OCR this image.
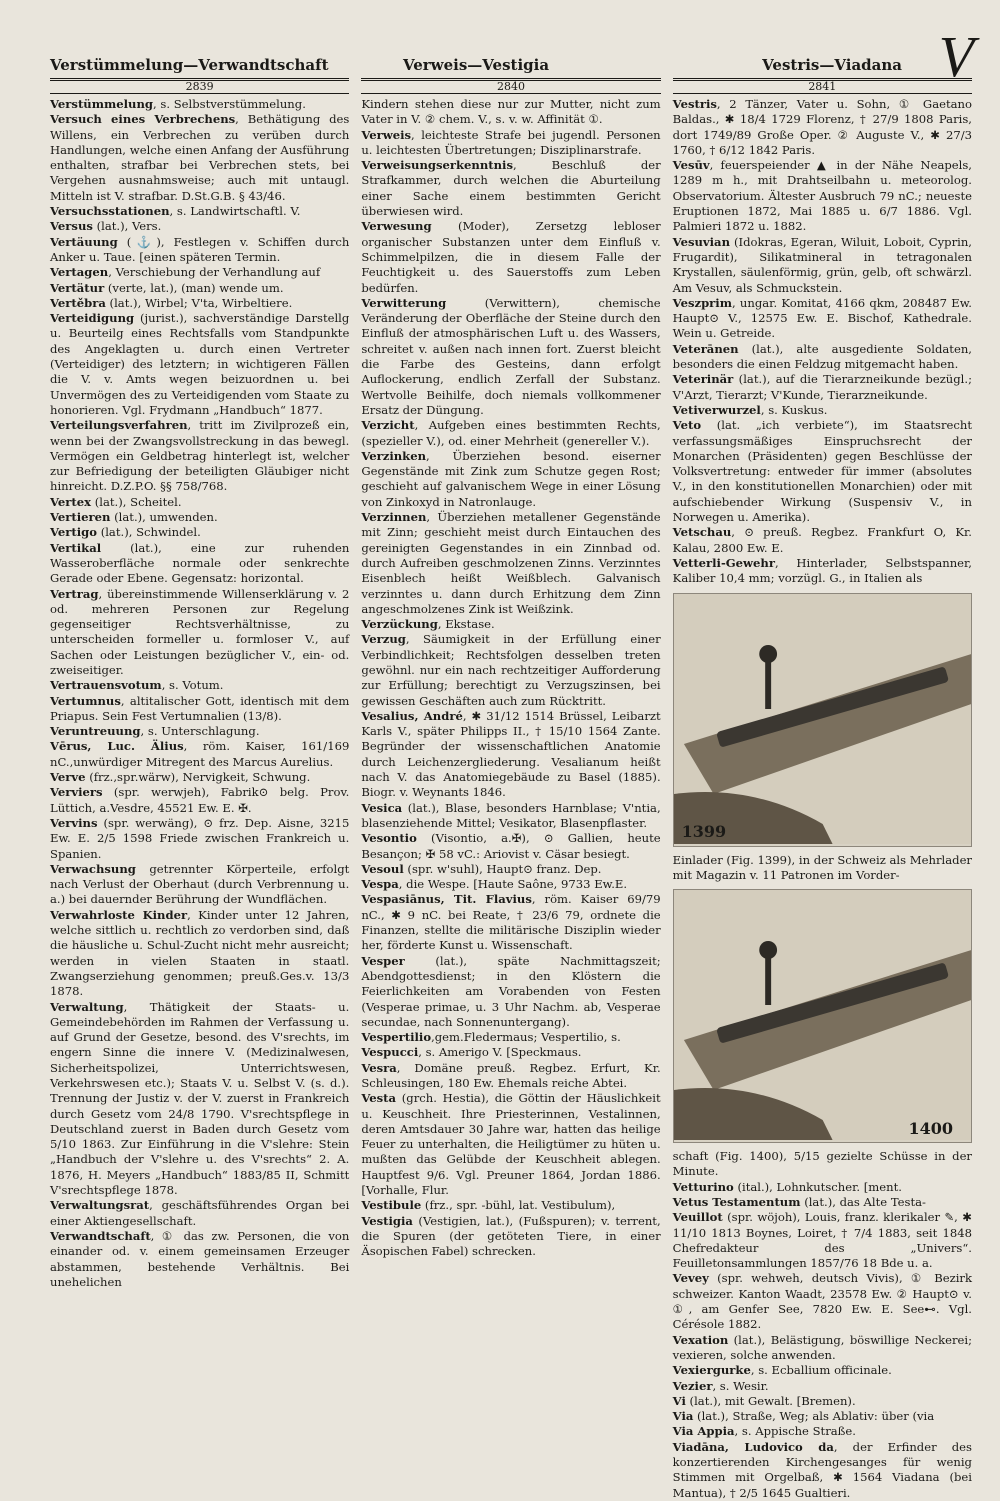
V
Verstümmelung—Verwandtschaft	Verweis—Vestigia	Vestris—Viadana
2839

Verstümmelung, s. Selbstverstümmelung.

Versuch eines Verbrechens, Bethätigung des Willens, ein Verbrechen zu verüben durch Handlungen, welche einen Anfang der Ausführung enthalten, strafbar bei Verbrechen stets, bei Vergehen ausnahmsweise; auch mit untaugl. Mitteln ist V. strafbar. D.St.G.B. § 43/46.

Versuchsstationen, s. Landwirtschaftl. V.

Versus (lat.), Vers.

Vertäuung (⚓), Festlegen v. Schiffen durch Anker u. Taue. [einen späteren Termin.

Vertagen, Verschiebung der Verhandlung auf

Vertätur (verte, lat.), (man) wende um.

Vertěbra (lat.), Wirbel; V'ta, Wirbeltiere.

Verteidigung (jurist.), sachverständige Darstellg u. Beurteilg eines Rechtsfalls vom Standpunkte des Angeklagten u. durch einen Vertreter (Verteidiger) des letztern; in wichtigeren Fällen die V. v. Amts wegen beizuordnen u. bei Unvermögen des zu Verteidigenden vom Staate zu honorieren. Vgl. Frydmann „Handbuch“ 1877.

Verteilungsverfahren, tritt im Zivilprozeß ein, wenn bei der Zwangsvollstreckung in das bewegl. Vermögen ein Geldbetrag hinterlegt ist, welcher zur Befriedigung der beteiligten Gläubiger nicht hinreicht. D.Z.P.O. §§ 758/768.

Vertex (lat.), Scheitel.

Vertieren (lat.), umwenden.

Vertigo (lat.), Schwindel.

Vertikal (lat.), eine zur ruhenden Wasseroberfläche normale oder senkrechte Gerade oder Ebene. Gegensatz: horizontal.

Vertrag, übereinstimmende Willenserklärung v. 2 od. mehreren Personen zur Regelung gegenseitiger Rechtsverhältnisse, zu unterscheiden formeller u. formloser V., auf Sachen oder Leistungen bezüglicher V., ein- od. zweiseitiger.

Vertrauensvotum, s. Votum.

Vertumnus, altitalischer Gott, identisch mit dem Priapus. Sein Fest Vertumnalien (13/8).

Veruntreuung, s. Unterschlagung.

Vērus, Luc. Älius, röm. Kaiser, 161/169 nC.,unwürdiger Mitregent des Marcus Aurelius.

Verve (frz.,spr.wärw), Nervigkeit, Schwung.

Verviers (spr. werwjeh), Fabrik⊙ belg. Prov. Lüttich, a.Vesdre, 45521 Ew. E. ✠.

Vervins (spr. werwäng), ⊙ frz. Dep. Aisne, 3215 Ew. E. 2/5 1598 Friede zwischen Frankreich u. Spanien.

Verwachsung getrennter Körperteile, erfolgt nach Verlust der Oberhaut (durch Verbrennung u. a.) bei dauernder Berührung der Wundflächen.

Verwahrloste Kinder, Kinder unter 12 Jahren, welche sittlich u. rechtlich zo verdorben sind, daß die häusliche u. Schul-Zucht nicht mehr ausreicht; werden in vielen Staaten in staatl. Zwangserziehung genommen; preuß.Ges.v. 13/3 1878.

Verwaltung, Thätigkeit der Staats- u. Gemeindebehörden im Rahmen der Verfassung u. auf Grund der Gesetze, besond. des V'srechts, im engern Sinne die innere V. (Medizinalwesen, Sicherheitspolizei, Unterrichtswesen, Verkehrswesen etc.); Staats V. u. Selbst V. (s. d.). Trennung der Justiz v. der V. zuerst in Frankreich durch Gesetz vom 24/8 1790. V'srechtspflege in Deutschland zuerst in Baden durch Gesetz vom 5/10 1863. Zur Einführung in die V'slehre: Stein „Handbuch der V'slehre u. des V'srechts“ 2. A. 1876, H. Meyers „Handbuch“ 1883/85 II, Schmitt V'srechtspflege 1878.

Verwaltungsrat, geschäftsführendes Organ bei einer Aktiengesellschaft.

Verwandtschaft, ① das zw. Personen, die von einander od. v. einem gemeinsamen Erzeuger abstammen, bestehende Verhältnis. Bei unehelichen

2840

Kindern stehen diese nur zur Mutter, nicht zum Vater in V. ② chem. V., s. v. w. Affinität ①.

Verweis, leichteste Strafe bei jugendl. Personen u. leichtesten Übertretungen; Disziplinarstrafe.

Verweisungserkenntnis, Beschluß der Strafkammer, durch welchen die Aburteilung einer Sache einem bestimmten Gericht überwiesen wird.

Verwesung (Moder), Zersetzg lebloser organischer Substanzen unter dem Einfluß v. Schimmelpilzen, die in diesem Falle der Feuchtigkeit u. des Sauerstoffs zum Leben bedürfen.

Verwitterung (Verwittern), chemische Veränderung der Oberfläche der Steine durch den Einfluß der atmosphärischen Luft u. des Wassers, schreitet v. außen nach innen fort. Zuerst bleicht die Farbe des Gesteins, dann erfolgt Auflockerung, endlich Zerfall der Substanz. Wertvolle Beihilfe, doch niemals vollkommener Ersatz der Düngung.

Verzicht, Aufgeben eines bestimmten Rechts, (spezieller V.), od. einer Mehrheit (genereller V.).

Verzinken, Überziehen besond. eiserner Gegenstände mit Zink zum Schutze gegen Rost; geschieht auf galvanischem Wege in einer Lösung von Zinkoxyd in Natronlauge.

Verzinnen, Überziehen metallener Gegenstände mit Zinn; geschieht meist durch Eintauchen des gereinigten Gegenstandes in ein Zinnbad od. durch Aufreiben geschmolzenen Zinns. Verzinntes Eisenblech heißt Weißblech. Galvanisch verzinntes u. dann durch Erhitzung dem Zinn angeschmolzenes Zink ist Weißzink.

Verzückung, Ekstase.

Verzug, Säumigkeit in der Erfüllung einer Verbindlichkeit; Rechtsfolgen desselben treten gewöhnl. nur ein nach rechtzeitiger Aufforderung zur Erfüllung; berechtigt zu Verzugszinsen, bei gewissen Geschäften auch zum Rücktritt.

Vesalius, André, ✱ 31/12 1514 Brüssel, Leibarzt Karls V., später Philipps II., † 15/10 1564 Zante. Begründer der wissenschaftlichen Anatomie durch Leichenzergliederung. Vesalianum heißt nach V. das Anatomiegebäude zu Basel (1885). Biogr. v. Weynants 1846.

Vesica (lat.), Blase, besonders Harnblase; V'ntia, blasenziehende Mittel; Vesikator, Blasenpflaster.

Vesontio (Visontio, a.✠), ⊙ Gallien, heute Besançon; ✠ 58 vC.: Ariovist v. Cäsar besiegt.

Vesoul (spr. w'suhl), Haupt⊙ franz. Dep.

Vespa, die Wespe. [Haute Saône, 9733 Ew.E.

Vespasiānus, Tit. Flavius, röm. Kaiser 69/79 nC., ✱ 9 nC. bei Reate, † 23/6 79, ordnete die Finanzen, stellte die militärische Disziplin wieder her, förderte Kunst u. Wissenschaft.

Vesper (lat.), späte Nachmittagszeit; Abendgottesdienst; in den Klöstern die Feierlichkeiten am Vorabenden von Festen (Vesperae primae, u. 3 Uhr Nachm. ab, Vesperae secundae, nach Sonnenuntergang).

Vespertilio,gem.Fledermaus; Vespertilio, s.

Vespucci, s. Amerigo V. [Speckmaus.

Vesra, Domäne preuß. Regbez. Erfurt, Kr. Schleusingen, 180 Ew. Ehemals reiche Abtei.

Vesta (grch. Hestia), die Göttin der Häuslichkeit u. Keuschheit. Ihre Priesterinnen, Vestalinnen, deren Amtsdauer 30 Jahre war, hatten das heilige Feuer zu unterhalten, die Heiligtümer zu hüten u. mußten das Gelübde der Keuschheit ablegen. Hauptfest 9/6. Vgl. Preuner 1864, Jordan 1886. [Vorhalle, Flur.

Vestibule (frz., spr. -bühl, lat. Vestibulum),

Vestigia (Vestigien, lat.), (Fußspuren); v. terrent, die Spuren (der getöteten Tiere, in einer Äsopischen Fabel) schrecken.

2841

Vestris, 2 Tänzer, Vater u. Sohn, ① Gaetano Baldas., ✱ 18/4 1729 Florenz, † 27/9 1808 Paris, dort 1749/89 Große Oper. ② Auguste V., ✱ 27/3 1760, † 6/12 1842 Paris.

Vesūv, feuerspeiender ▲ in der Nähe Neapels, 1289 m h., mit Drahtseilbahn u. meteorolog. Observatorium. Ältester Ausbruch 79 nC.; neueste Eruptionen 1872, Mai 1885 u. 6/7 1886. Vgl. Palmieri 1872 u. 1882.

Vesuvian (Idokras, Egeran, Wiluit, Loboit, Cyprin, Frugardit), Silikatmineral in tetragonalen Krystallen, säulenförmig, grün, gelb, oft schwärzl. Am Vesuv, als Schmuckstein.

Veszprim, ungar. Komitat, 4166 qkm, 208487 Ew. Haupt⊙ V., 12575 Ew. E. Bischof, Kathedrale. Wein u. Getreide.

Veterānen (lat.), alte ausgediente Soldaten, besonders die einen Feldzug mitgemacht haben.

Veterinär (lat.), auf die Tierarzneikunde bezügl.; V'Arzt, Tierarzt; V'Kunde, Tierarzneikunde.

Vetiverwurzel, s. Kuskus.

Veto (lat. „ich verbiete“), im Staatsrecht verfassungsmäßiges Einspruchsrecht der Monarchen (Präsidenten) gegen Beschlüsse der Volksvertretung: entweder für immer (absolutes V., in den konstitutionellen Monarchien) oder mit aufschiebender Wirkung (Suspensiv V., in Norwegen u. Amerika).

Vetschau, ⊙ preuß. Regbez. Frankfurt O, Kr. Kalau, 2800 Ew. E.

Vetterli-Gewehr, Hinterlader, Selbstspanner, Kaliber 10,4 mm; vorzügl. G., in Italien als

1399

Einlader (Fig. 1399), in der Schweiz als Mehrlader mit Magazin v. 11 Patronen im Vorder-

1400

schaft (Fig. 1400), 5/15 gezielte Schüsse in der Minute.

Vetturino (ital.), Lohnkutscher. [ment.

Vetus Testamentum (lat.), das Alte Testa-

Veuillot (spr. wöjoh), Louis, franz. klerikaler ✎, ✱ 11/10 1813 Boynes, Loiret, † 7/4 1883, seit 1848 Chefredakteur des „Univers“. Feuilletonsammlungen 1857/76 18 Bde u. a.

Vevey (spr. wehweh, deutsch Vivis), ① Bezirk schweizer. Kanton Waadt, 23578 Ew. ② Haupt⊙ v. ①, am Genfer See, 7820 Ew. E. See⊷. Vgl. Cérésole 1882.

Vexation (lat.), Belästigung, böswillige Neckerei; vexieren, solche anwenden.

Vexiergurke, s. Ecballium officinale.

Vezier, s. Wesir.

Vi (lat.), mit Gewalt. [Bremen).

Via (lat.), Straße, Weg; als Ablativ: über (via

Via Appia, s. Appische Straße.

Viadāna, Ludovico da, der Erfinder des konzertierenden Kirchengesanges für wenig Stimmen mit Orgelbaß, ✱ 1564 Viadana (bei Mantua), † 2/5 1645 Gualtieri.
